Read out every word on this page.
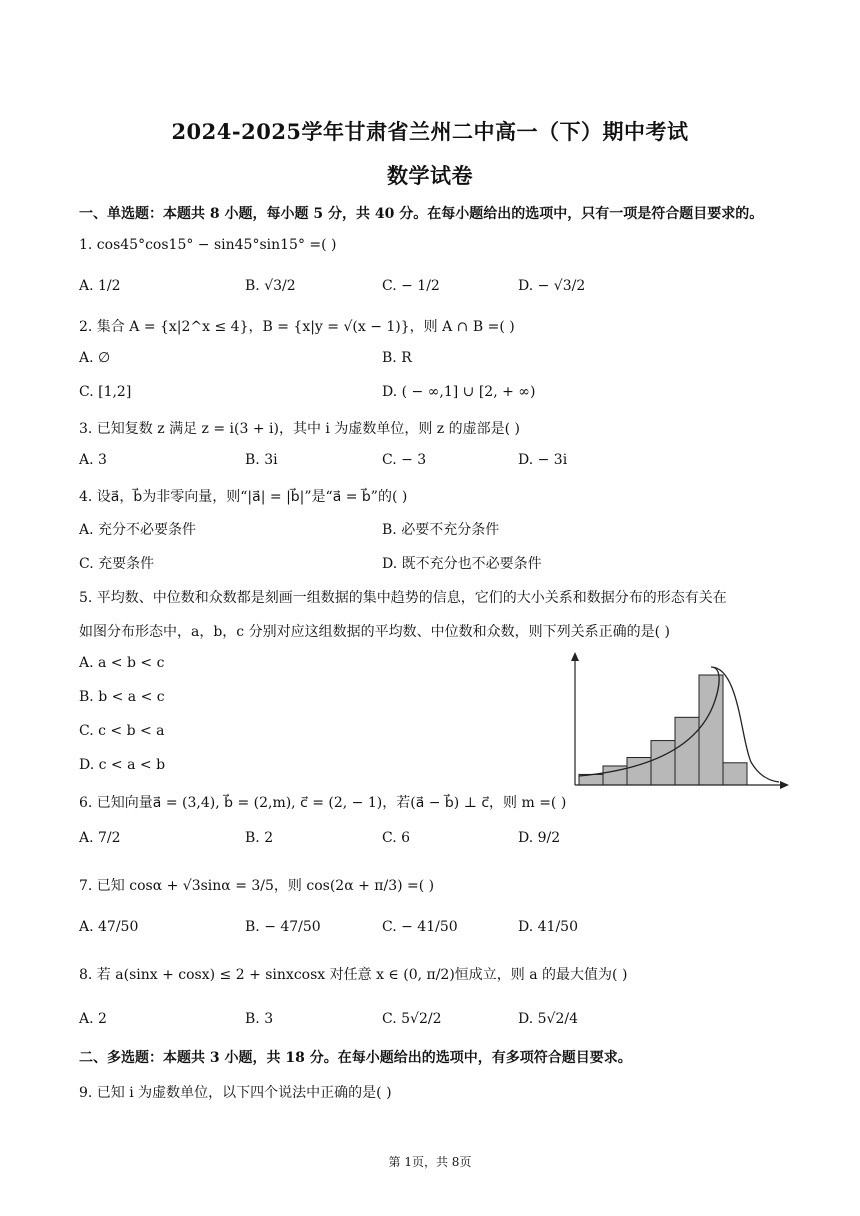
2024-2025学年甘肃省兰州二中高一（下）期中考试
数学试卷
一、单选题：本题共 8 小题，每小题 5 分，共 40 分。在每小题给出的选项中，只有一项是符合题目要求的。
1. cos45°cos15° − sin45°sin15° =( )
A. 1/2	B. √3/2	C. − 1/2	D. − √3/2
2. 集合 A = {x|2^x ≤ 4}，B = {x|y = √(x − 1)}，则 A ∩ B =( )
A. ∅	B. R
C. [1,2]	D. ( − ∞,1] ∪ [2, + ∞)
3. 已知复数 z 满足 z = i(3 + i)，其中 i 为虚数单位，则 z 的虚部是( )
A. 3	B. 3i	C. − 3	D. − 3i
4. 设a⃗，b⃗为非零向量，则“|a⃗| = |b⃗|”是“a⃗ = b⃗”的( )
A. 充分不必要条件	B. 必要不充分条件
C. 充要条件	D. 既不充分也不必要条件
5. 平均数、中位数和众数都是刻画一组数据的集中趋势的信息，它们的大小关系和数据分布的形态有关在
如图分布形态中，a，b，c 分别对应这组数据的平均数、中位数和众数，则下列关系正确的是( )
A. a < b < c
B. b < a < c
C. c < b < a
D. c < a < b
6. 已知向量a⃗ = (3,4), b⃗ = (2,m), c⃗ = (2, − 1)，若(a⃗ − b⃗) ⊥ c⃗，则 m =( )
A. 7/2	B. 2	C. 6	D. 9/2
7. 已知 cosα + √3sinα = 3/5，则 cos(2α + π/3) =( )
A. 47/50	B. − 47/50	C. − 41/50	D. 41/50
8. 若 a(sinx + cosx) ≤ 2 + sinxcosx 对任意 x ∈ (0, π/2)恒成立，则 a 的最大值为( )
A. 2	B. 3	C. 5√2/2	D. 5√2/4
二、多选题：本题共 3 小题，共 18 分。在每小题给出的选项中，有多项符合题目要求。
9. 已知 i 为虚数单位，以下四个说法中正确的是( )
第 1页，共 8页
